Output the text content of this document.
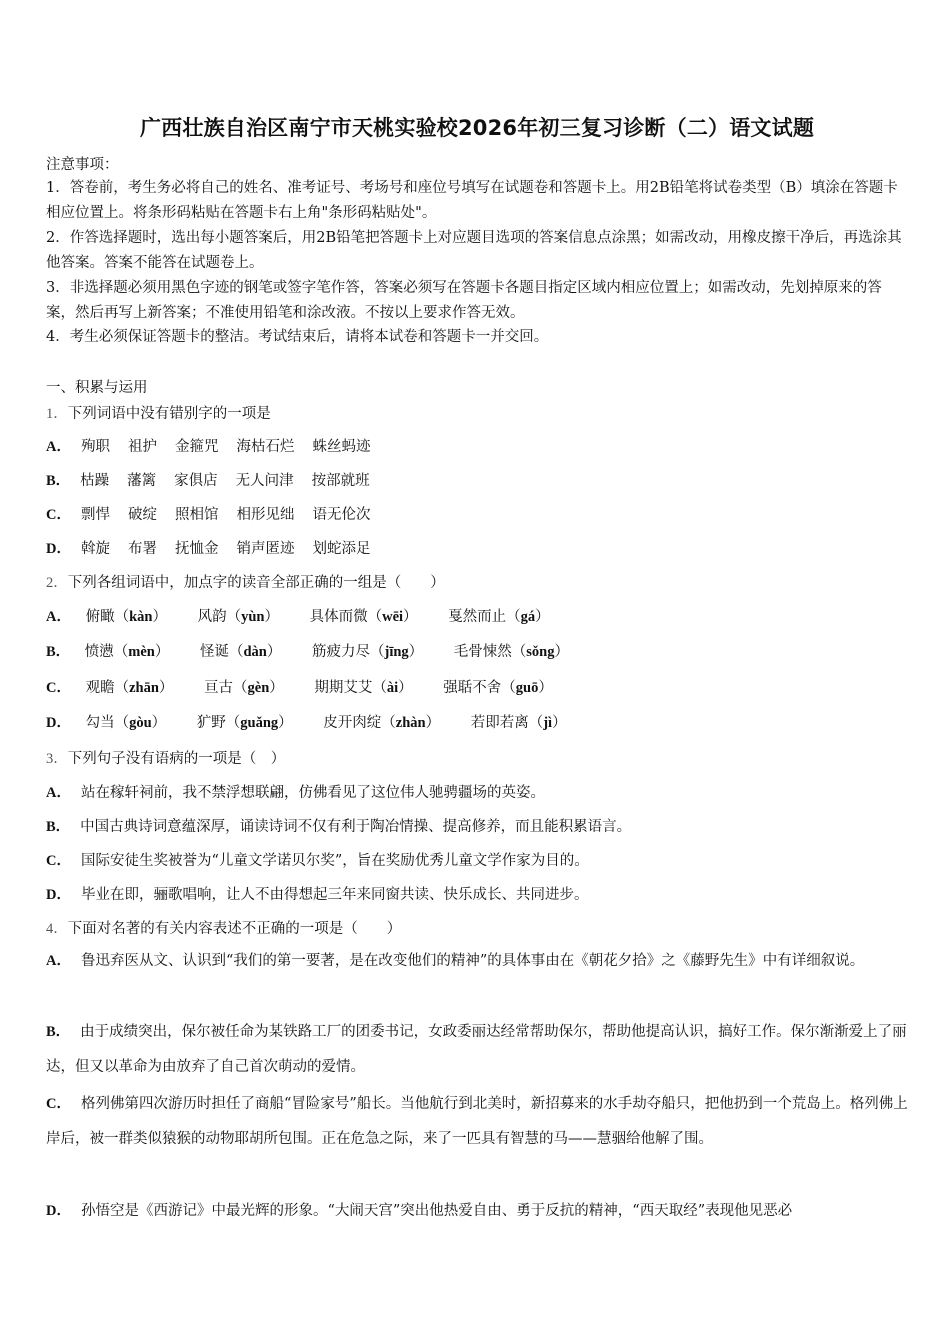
广西壮族自治区南宁市天桃实验校2026年初三复习诊断（二）语文试题
注意事项：
1．答卷前，考生务必将自己的姓名、准考证号、考场号和座位号填写在试题卷和答题卡上。用2B铅笔将试卷类型（B）填涂在答题卡相应位置上。将条形码粘贴在答题卡右上角"条形码粘贴处"。
2．作答选择题时，选出每小题答案后，用2B铅笔把答题卡上对应题目选项的答案信息点涂黑；如需改动，用橡皮擦干净后，再选涂其他答案。答案不能答在试题卷上。
3．非选择题必须用黑色字迹的钢笔或签字笔作答，答案必须写在答题卡各题目指定区域内相应位置上；如需改动，先划掉原来的答案，然后再写上新答案；不准使用铅笔和涂改液。不按以上要求作答无效。
4．考生必须保证答题卡的整洁。考试结束后，请将本试卷和答题卡一并交回。
一、积累与运用
1．下列词语中没有错别字的一项是
A． 殉职 祖护 金箍咒 海枯石烂 蛛丝蚂迹
B． 枯躁 藩篱 家俱店 无人问津 按部就班
C． 剽悍 破绽 照相馆 相形见绌 语无伦次
D． 斡旋 布署 抚恤金 销声匿迹 划蛇添足
2．下列各组词语中，加点字的读音全部正确的一组是（　　）
A． 俯瞰（kàn） 风韵（yùn） 具体而微（wēi） 戛然而止（gá）
B． 愤懑（mèn） 怪诞（dàn） 筋疲力尽（jīng） 毛骨悚然（sǒng）
C． 观瞻（zhān） 亘古（gèn） 期期艾艾（ài） 强聒不舍（guō）
D． 勾当（gòu） 犷野（guǎng） 皮开肉绽（zhàn） 若即若离（jì）
3．下列句子没有语病的一项是（　）
A． 站在稼轩祠前，我不禁浮想联翩，仿佛看见了这位伟人驰骋疆场的英姿。
B． 中国古典诗词意蕴深厚，诵读诗词不仅有利于陶冶情操、提高修养，而且能积累语言。
C． 国际安徒生奖被誉为“儿童文学诺贝尔奖”，旨在奖励优秀儿童文学作家为目的。
D． 毕业在即，骊歌唱响，让人不由得想起三年来同窗共读、快乐成长、共同进步。
4．下面对名著的有关内容表述不正确的一项是（　　）
A． 鲁迅弃医从文、认识到“我们的第一要著，是在改变他们的精神”的具体事由在《朝花夕拾》之《藤野先生》中有详细叙说。
B． 由于成绩突出，保尔被任命为某铁路工厂的团委书记，女政委丽达经常帮助保尔，帮助他提高认识，搞好工作。保尔渐渐爱上了丽达，但又以革命为由放弃了自己首次萌动的爱情。
C． 格列佛第四次游历时担任了商船“冒险家号”船长。当他航行到北美时，新招募来的水手劫夺船只，把他扔到一个荒岛上。格列佛上岸后，被一群类似猿猴的动物耶胡所包围。正在危急之际，来了一匹具有智慧的马——慧骃给他解了围。
D． 孙悟空是《西游记》中最光辉的形象。“大闹天宫”突出他热爱自由、勇于反抗的精神，“西天取经”表现他见恶必
